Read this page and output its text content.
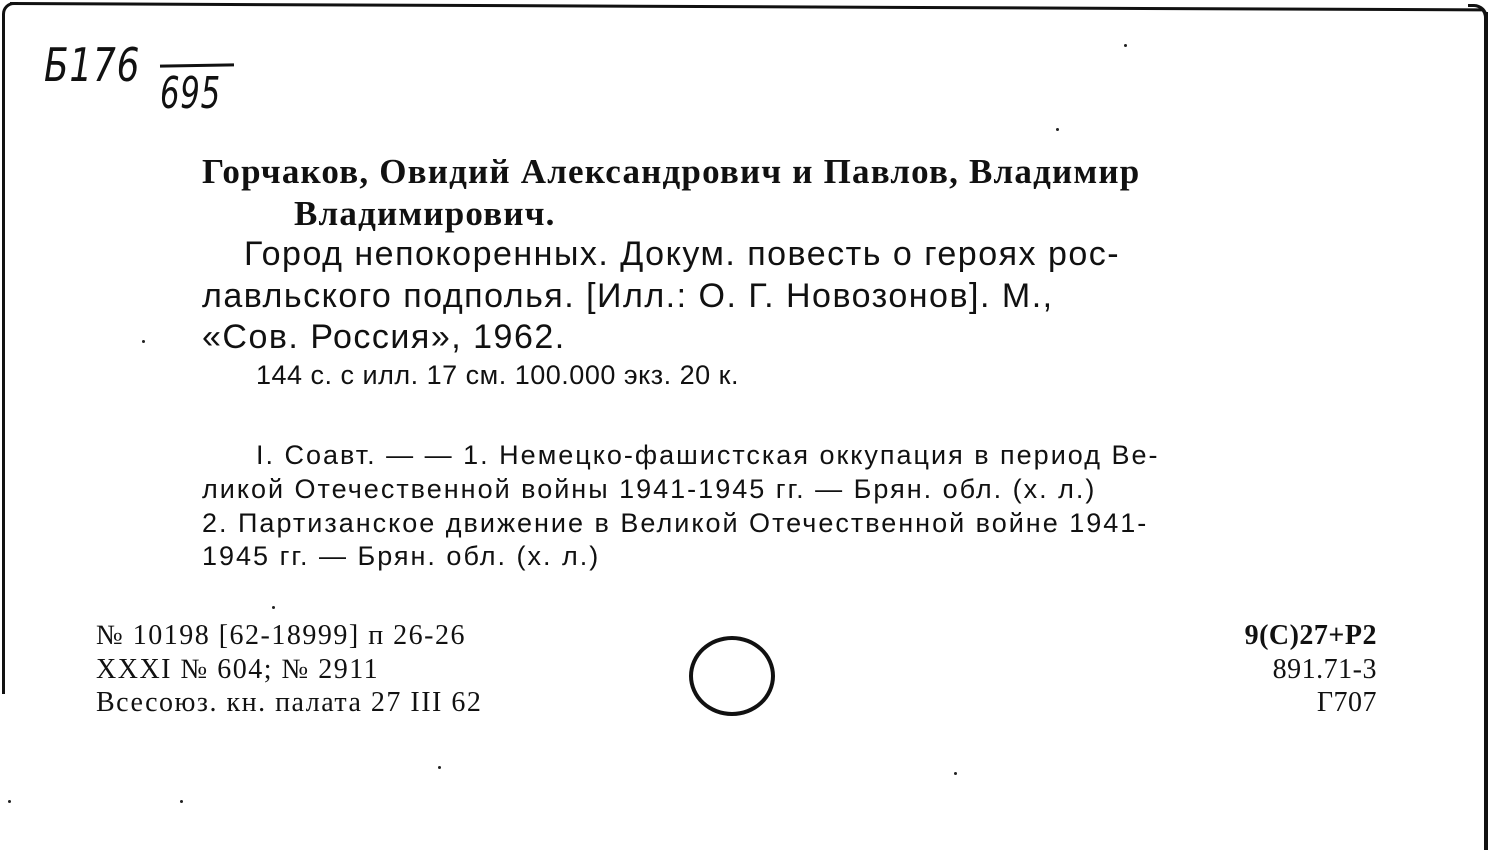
Б176
695
Горчаков, Овидий Александрович и Павлов, Владимир
Владимирович.
Город непокоренных. Докум. повесть о героях рос-
лавльского подполья. [Илл.: О. Г. Новозонов]. М.,
«Сов. Россия», 1962.
144 с. с илл. 17 см. 100.000 экз. 20 к.
I. Соавт. — — 1. Немецко-фашистская оккупация в период Ве-
ликой Отечественной войны 1941-1945 гг. — Брян. обл. (х. л.)
2. Партизанское движение в Великой Отечественной войне 1941-
1945 гг. — Брян. обл. (х. л.)
№ 10198 [62-18999] п 26-26
XXXI № 604; № 2911
Всесоюз. кн. палата 27 III 62
9(С)27+Р2
891.71-3
Г707
